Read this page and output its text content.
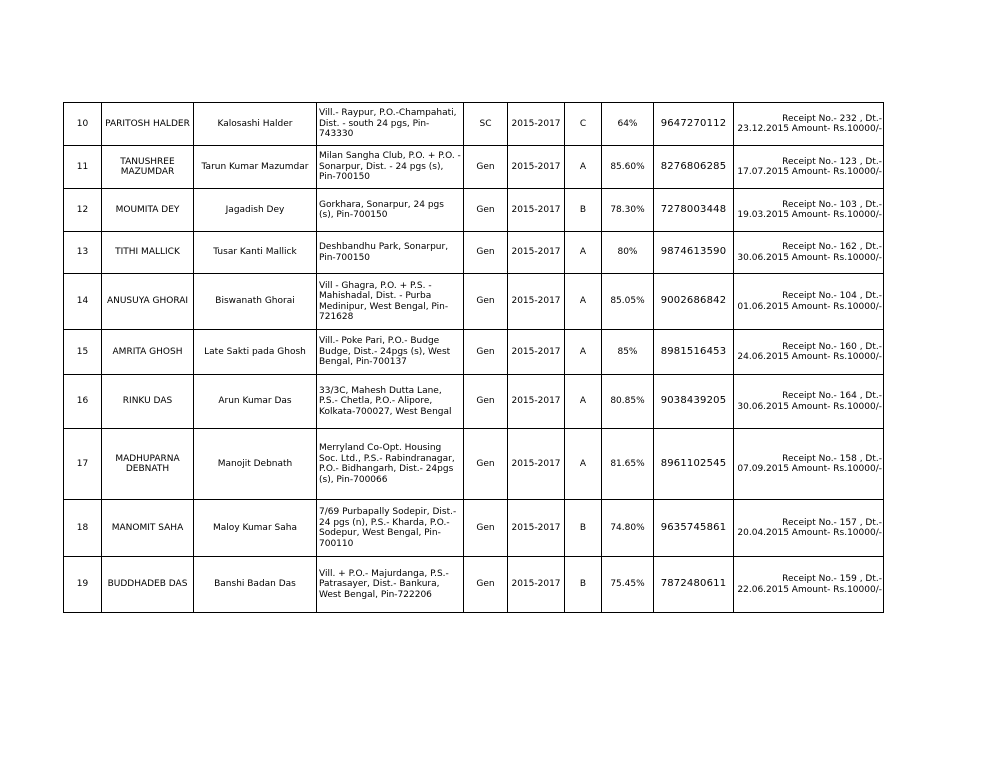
10	PARITOSH HALDER	Kalosashi Halder	Vill.- Raypur, P.O.-Champahati, Dist. - south 24 pgs, Pin-743330	SC	2015-2017	C	64%	9647270112	Receipt No.- 232 , Dt.-
23.12.2015 Amount- Rs.10000/-
11	TANUSHREE MAZUMDAR	Tarun Kumar Mazumdar	Milan Sangha Club, P.O. + P.O. - Sonarpur, Dist. - 24 pgs (s), Pin-700150	Gen	2015-2017	A	85.60%	8276806285	Receipt No.- 123 , Dt.-
17.07.2015 Amount- Rs.10000/-
12	MOUMITA DEY	Jagadish Dey	Gorkhara, Sonarpur, 24 pgs (s), Pin-700150	Gen	2015-2017	B	78.30%	7278003448	Receipt No.- 103 , Dt.-
19.03.2015 Amount- Rs.10000/-
13	TITHI MALLICK	Tusar Kanti Mallick	Deshbandhu Park, Sonarpur, Pin-700150	Gen	2015-2017	A	80%	9874613590	Receipt No.- 162 , Dt.-
30.06.2015 Amount- Rs.10000/-
14	ANUSUYA GHORAI	Biswanath Ghorai	Vill - Ghagra, P.O. + P.S. - Mahishadal, Dist. - Purba Medinipur, West Bengal, Pin-721628	Gen	2015-2017	A	85.05%	9002686842	Receipt No.- 104 , Dt.-
01.06.2015 Amount- Rs.10000/-
15	AMRITA GHOSH	Late Sakti pada Ghosh	Vill.- Poke Pari, P.O.- Budge Budge, Dist.- 24pgs (s), West Bengal, Pin-700137	Gen	2015-2017	A	85%	8981516453	Receipt No.- 160 , Dt.-
24.06.2015 Amount- Rs.10000/-
16	RINKU DAS	Arun Kumar Das	33/3C, Mahesh Dutta Lane, P.S.- Chetla, P.O.- Alipore, Kolkata-700027, West Bengal	Gen	2015-2017	A	80.85%	9038439205	Receipt No.- 164 , Dt.-
30.06.2015 Amount- Rs.10000/-
17	MADHUPARNA DEBNATH	Manojit Debnath	Merryland Co-Opt. Housing Soc. Ltd., P.S.- Rabindranagar, P.O.- Bidhangarh, Dist.- 24pgs (s), Pin-700066	Gen	2015-2017	A	81.65%	8961102545	Receipt No.- 158 , Dt.-
07.09.2015 Amount- Rs.10000/-
18	MANOMIT SAHA	Maloy Kumar Saha	7/69 Purbapally Sodepir, Dist.- 24 pgs (n), P.S.- Kharda, P.O.- Sodepur, West Bengal, Pin-700110	Gen	2015-2017	B	74.80%	9635745861	Receipt No.- 157 , Dt.-
20.04.2015 Amount- Rs.10000/-
19	BUDDHADEB DAS	Banshi Badan Das	Vill. + P.O.- Majurdanga, P.S.- Patrasayer, Dist.- Bankura, West Bengal, Pin-722206	Gen	2015-2017	B	75.45%	7872480611	Receipt No.- 159 , Dt.-
22.06.2015 Amount- Rs.10000/-
